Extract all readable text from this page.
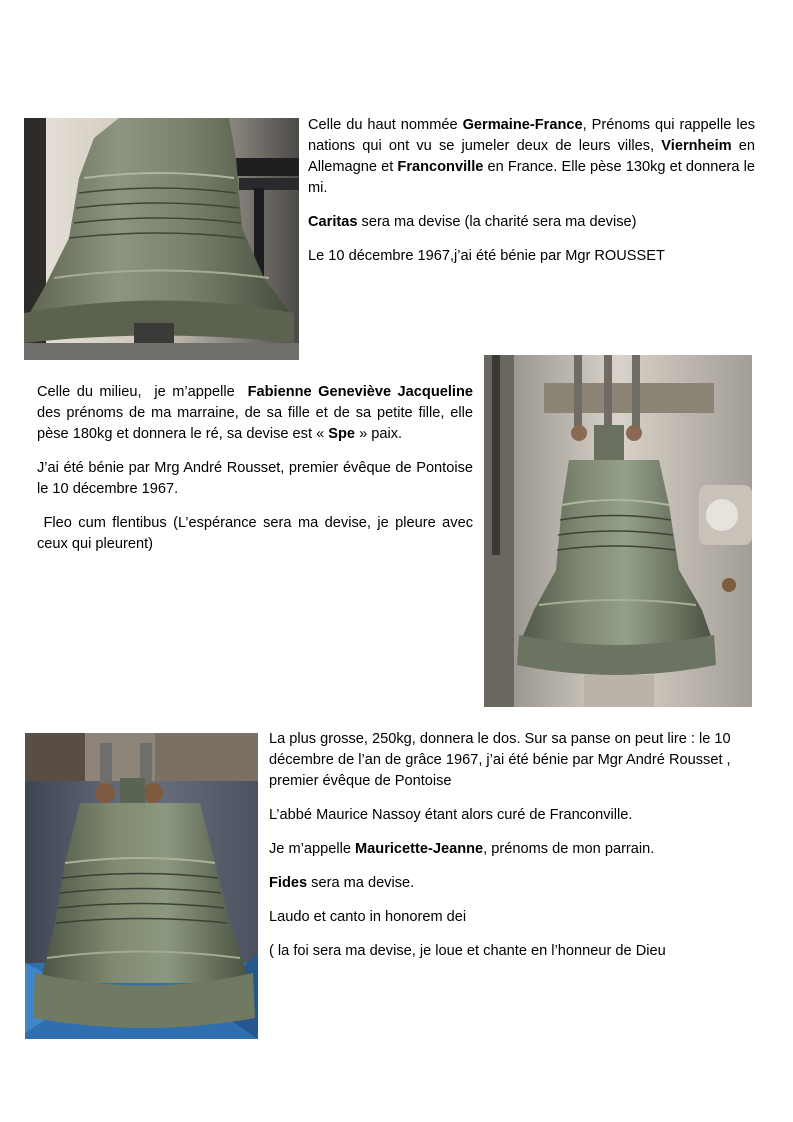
Celle du haut nommée Germaine-France, Prénoms qui rappelle les nations qui ont vu se jumeler deux de leurs villes, Viernheim en Allemagne et Franconville en France. Elle pèse 130kg et donnera le mi.

Caritas sera ma devise (la charité sera ma devise)

Le 10 décembre 1967,j’ai été bénie par Mgr ROUSSET

Celle du milieu,  je m’appelle  Fabienne Geneviève Jacqueline des prénoms de ma marraine, de sa fille et de sa petite fille, elle pèse 180kg et donnera le ré, sa devise est « Spe » paix.

J’ai été bénie par Mrg André Rousset, premier évêque de Pontoise le 10 décembre 1967.

Fleo cum flentibus (L’espérance sera ma devise, je pleure avec ceux qui pleurent)

La plus grosse, 250kg, donnera le dos. Sur sa panse on peut lire : le 10 décembre de l’an de grâce 1967, j’ai été bénie par Mgr André Rousset , premier évêque de Pontoise

L’abbé Maurice Nassoy étant alors curé de Franconville.

Je m’appelle Mauricette-Jeanne, prénoms de mon parrain.

Fides sera ma devise.

Laudo et canto in honorem dei

( la foi sera ma devise, je loue et chante en l’honneur de Dieu
